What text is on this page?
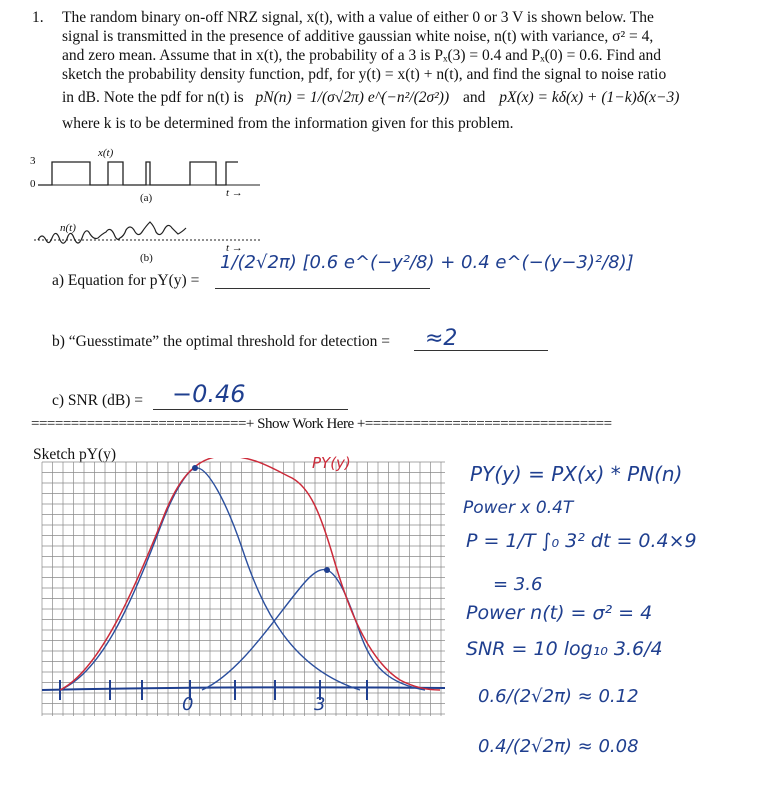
1. The random binary on-off NRZ signal, x(t), with a value of either 0 or 3 V is shown below. The
signal is transmitted in the presence of additive gaussian white noise, n(t) with variance, σ² = 4,
and zero mean. Assume that in x(t), the probability of a 3 is Pₓ(3) = 0.4 and Pₓ(0) = 0.6. Find and
sketch the probability density function, pdf, for y(t) = x(t) + n(t), and find the signal to noise ratio
in dB. Note the pdf for n(t) is pN(n) = 1/(σ√2π) e^(−n²/(2σ²)) and pX(x) = kδ(x) + (1−k)δ(x−3)
where k is to be determined from the information given for this problem.
3
0
x(t)
t →
(a)
n(t)
t →
(b)
a) Equation for pY(y) =
1/(2√2π) [0.6 e^(−y²/8) + 0.4 e^(−(y−3)²/8)]
b) “Guesstimate” the optimal threshold for detection = ≈2
c) SNR (dB) = −0.46
===========================+ Show Work Here +===============================
Sketch pY(y)
0	3
PY(y)	PY(y) = PX(x) * PN(n)
Power x 0.4T
P = 1/T ∫₀ 3² dt = 0.4×9
= 3.6
Power n(t) = σ² = 4
SNR = 10 log₁₀ 3.6/4
0.6/(2√2π) ≈ 0.12
0.4/(2√2π) ≈ 0.08
